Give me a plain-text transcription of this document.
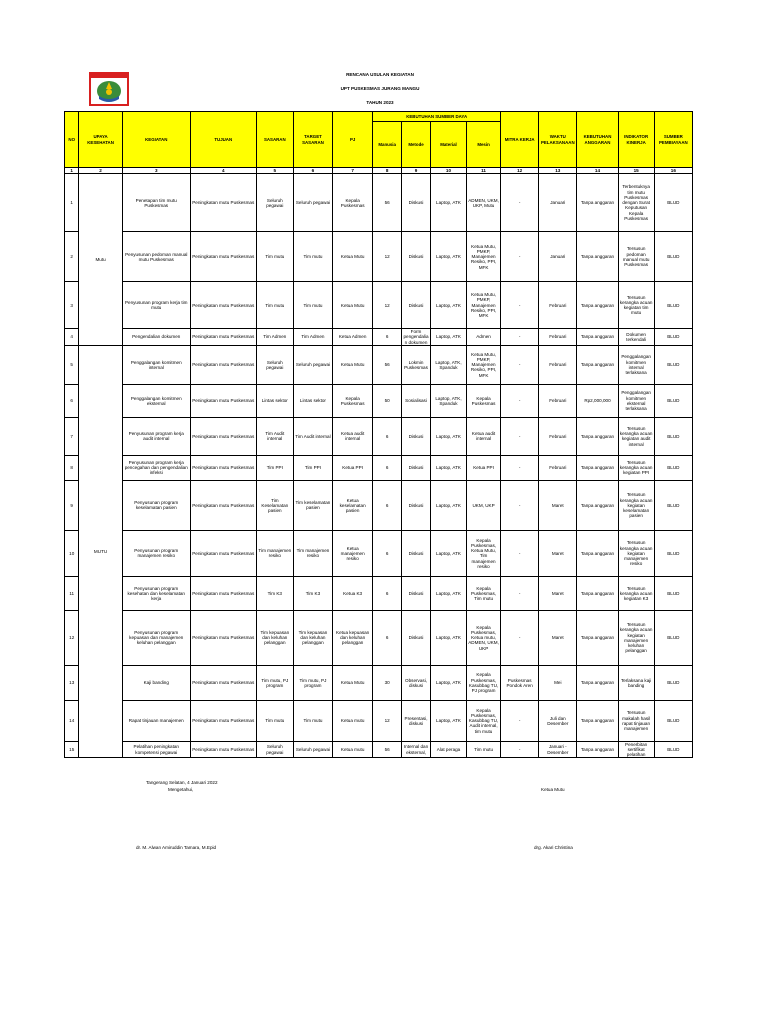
RENCANA USULAN KEGIATAN
UPT PUSKESMAS JURANG MANGU
TAHUN 2023
NO	UPAYA KESEHATAN	KEGIATAN	TUJUAN	SASARAN	TARGET SASARAN	PJ	KEBUTUHAN SUMBER DAYA				MITRA KERJA	WAKTU PELAKSANAAN	KEBUTUHAN ANGGARAN	INDIKATOR KINERJA	SUMBER PEMBIAYAAN
							Manusia	Metode	Material	Mesin					
1	2	3	4	5	6	7	8	9	10	11	12	13	14	15	16
1	Mutu	Penetapan tim mutu Puskesmas	Peningkatan mutu Puskesmas	Seluruh pegawai	Seluruh pegawai	Kepala Puskesmas	56	Diskusi	Laptop, ATK	ADMEN, UKM, UKP, Mutu	-	Januari	Tanpa anggaran	Terbentuknya tim mutu Puskesmas dengan Surat Keputusan Kepala Puskesmas	BLUD
2		Penyusunan pedoman manual mutu Puskesmas	Peningkatan mutu Puskesmas	Tim mutu	Tim mutu	Ketua Mutu	12	Diskusi	Laptop, ATK	Ketua Mutu, PMKP, Manajemen Resiko, PPI, MFK	-	Januari	Tanpa anggaran	Tersusun pedoman manual mutu Puskesmas	BLUD
3		Penyusunan program kerja tim mutu	Peningkatan mutu Puskesmas	Tim mutu	Tim mutu	Ketua Mutu	12	Diskusi	Laptop, ATK	Ketua Mutu, PMKP, Manajemen Resiko, PPI, MFK	-	Februari	Tanpa anggaran	Tersusun kerangka acuan kegiatan tim mutu	BLUD
4		Pengendalian dokumen	Peningkatan mutu Puskesmas	Tim Admen	Tim Admen	Ketua Admen	6	Form pengendalian dokumen	Laptop, ATK	Admen	-	Februari	Tanpa anggaran	Dokumen terkendali	BLUD
5	MUTU	Penggalangan komitmen internal	Peningkatan mutu Puskesmas	Seluruh pegawai	Seluruh pegawai	Ketua Mutu	56	Lokmin Puskesmas	Laptop, ATK, Spanduk	Ketua Mutu, PMKP, Manajemen Resiko, PPI, MFK	-	Februari	Tanpa anggaran	Penggalangan komitmen internal terlaksana	BLUD
6		Penggalangan komitmen eksternal	Peningkatan mutu Puskesmas	Lintas sektor	Lintas sektor	Kepala Puskesmas	50	Sosialisasi	Laptop, ATK, Spanduk	Kepala Puskesmas	-	Februari	Rp2,000,000	Penggalangan komitmen eksternal terlaksana	BLUD
7		Penyusunan program kerja audit internal	Peningkatan mutu Puskesmas	Tim Audit internal	Tim Audit internal	Ketua audit internal	6	Diskusi	Laptop, ATK	Ketua audit internal	-	Februari	Tanpa anggaran	Tersusun kerangka acuan kegiatan audit internal	BLUD
8		Penyusunan program kerja pencegahan dan pengendalian infeksi	Peningkatan mutu Puskesmas	Tim PPI	Tim PPI	Ketua PPI	6	Diskusi	Laptop, ATK	Ketua PPI	-	Februari	Tanpa anggaran	Tersusun kerangka acuan kegiatan PPI	BLUD
9		Penyusunan program keselamatan pasien	Peningkatan mutu Puskesmas	Tim Keselamatan pasien	Tim keselamatan pasien	Ketua keselamatan pasien	6	Diskusi	Laptop, ATK	UKM, UKP	-	Maret	Tanpa anggaran	Tersusun kerangka acuan kegiatan keselamatan pasien	BLUD
10		Penyusunan program manajemen resiko	Peningkatan mutu Puskesmas	Tim manajemen resiko	Tim manajemen resiko	Ketua manajemen resiko	6	Diskusi	Laptop, ATK	Kepala Puskesmas, Ketua Mutu, Tim manajemen resiko	-	Maret	Tanpa anggaran	Tersusun kerangka acuan kegiatan manajemen resiko	BLUD
11		Penyusunan program kesehatan dan keselamatan kerja	Peningkatan mutu Puskesmas	Tim K3	Tim K3	Ketua K3	6	Diskusi	Laptop, ATK	Kepala Puskesmas, Tim mutu	-	Maret	Tanpa anggaran	Tersusun kerangka acuan kegiatan K3	BLUD
12		Penyusunan program kepuasan dan manajemen keluhan pelanggan	Peningkatan mutu Puskesmas	Tim kepuasan dan keluhan pelanggan	Tim kepuasan dan keluhan pelanggan	Ketua kepuasan dan keluhan pelanggan	6	Diskusi	Laptop, ATK	Kepala Puskesmas, Ketua mutu, ADMEN, UKM, UKP	-	Maret	Tanpa anggaran	Tersusun kerangka acuan kegiatan manajemen keluhan pelanggan	BLUD
13		Kaji banding	Peningkatan mutu Puskesmas	Tim mutu, PJ program	Tim mutu, PJ program	Ketua Mutu	30	Observasi, diskusi	Laptop, ATK	Kepala Puskesmas, Kasubbag TU, PJ program	Puskesmas Pondok Aren	Mei	Tanpa anggaran	Terlaksana kaji banding	BLUD
14		Rapat tinjauan manajemen	Peningkatan mutu Puskesmas	Tim mutu	Tim mutu	Ketua mutu	12	Presentasi, diskusi	Laptop, ATK	Kepala Puskesmas, Kasubbag TU, Audit internal, tim mutu	-	Juli dan Desember	Tanpa anggaran	Tersusun makalah hasil rapat tinjauan manajemen	BLUD
15		Pelatihan peningkatan kompetensi pegawai	Peningkatan mutu Puskesmas	Seluruh pegawai	Seluruh pegawai	Ketua mutu	56	Internal dan eksternal,	Alat peraga	Tim mutu	-	Januari - Desember	Tanpa anggaran	Penerbitan sertifikat pelatihan	BLUD
Tangerang Selatan, 4 Januari 2022
Mengetahui,	Ketua Mutu
dr. M. Alwan Amiruddin Tamara, M.Epid	drg. Akari Christina
